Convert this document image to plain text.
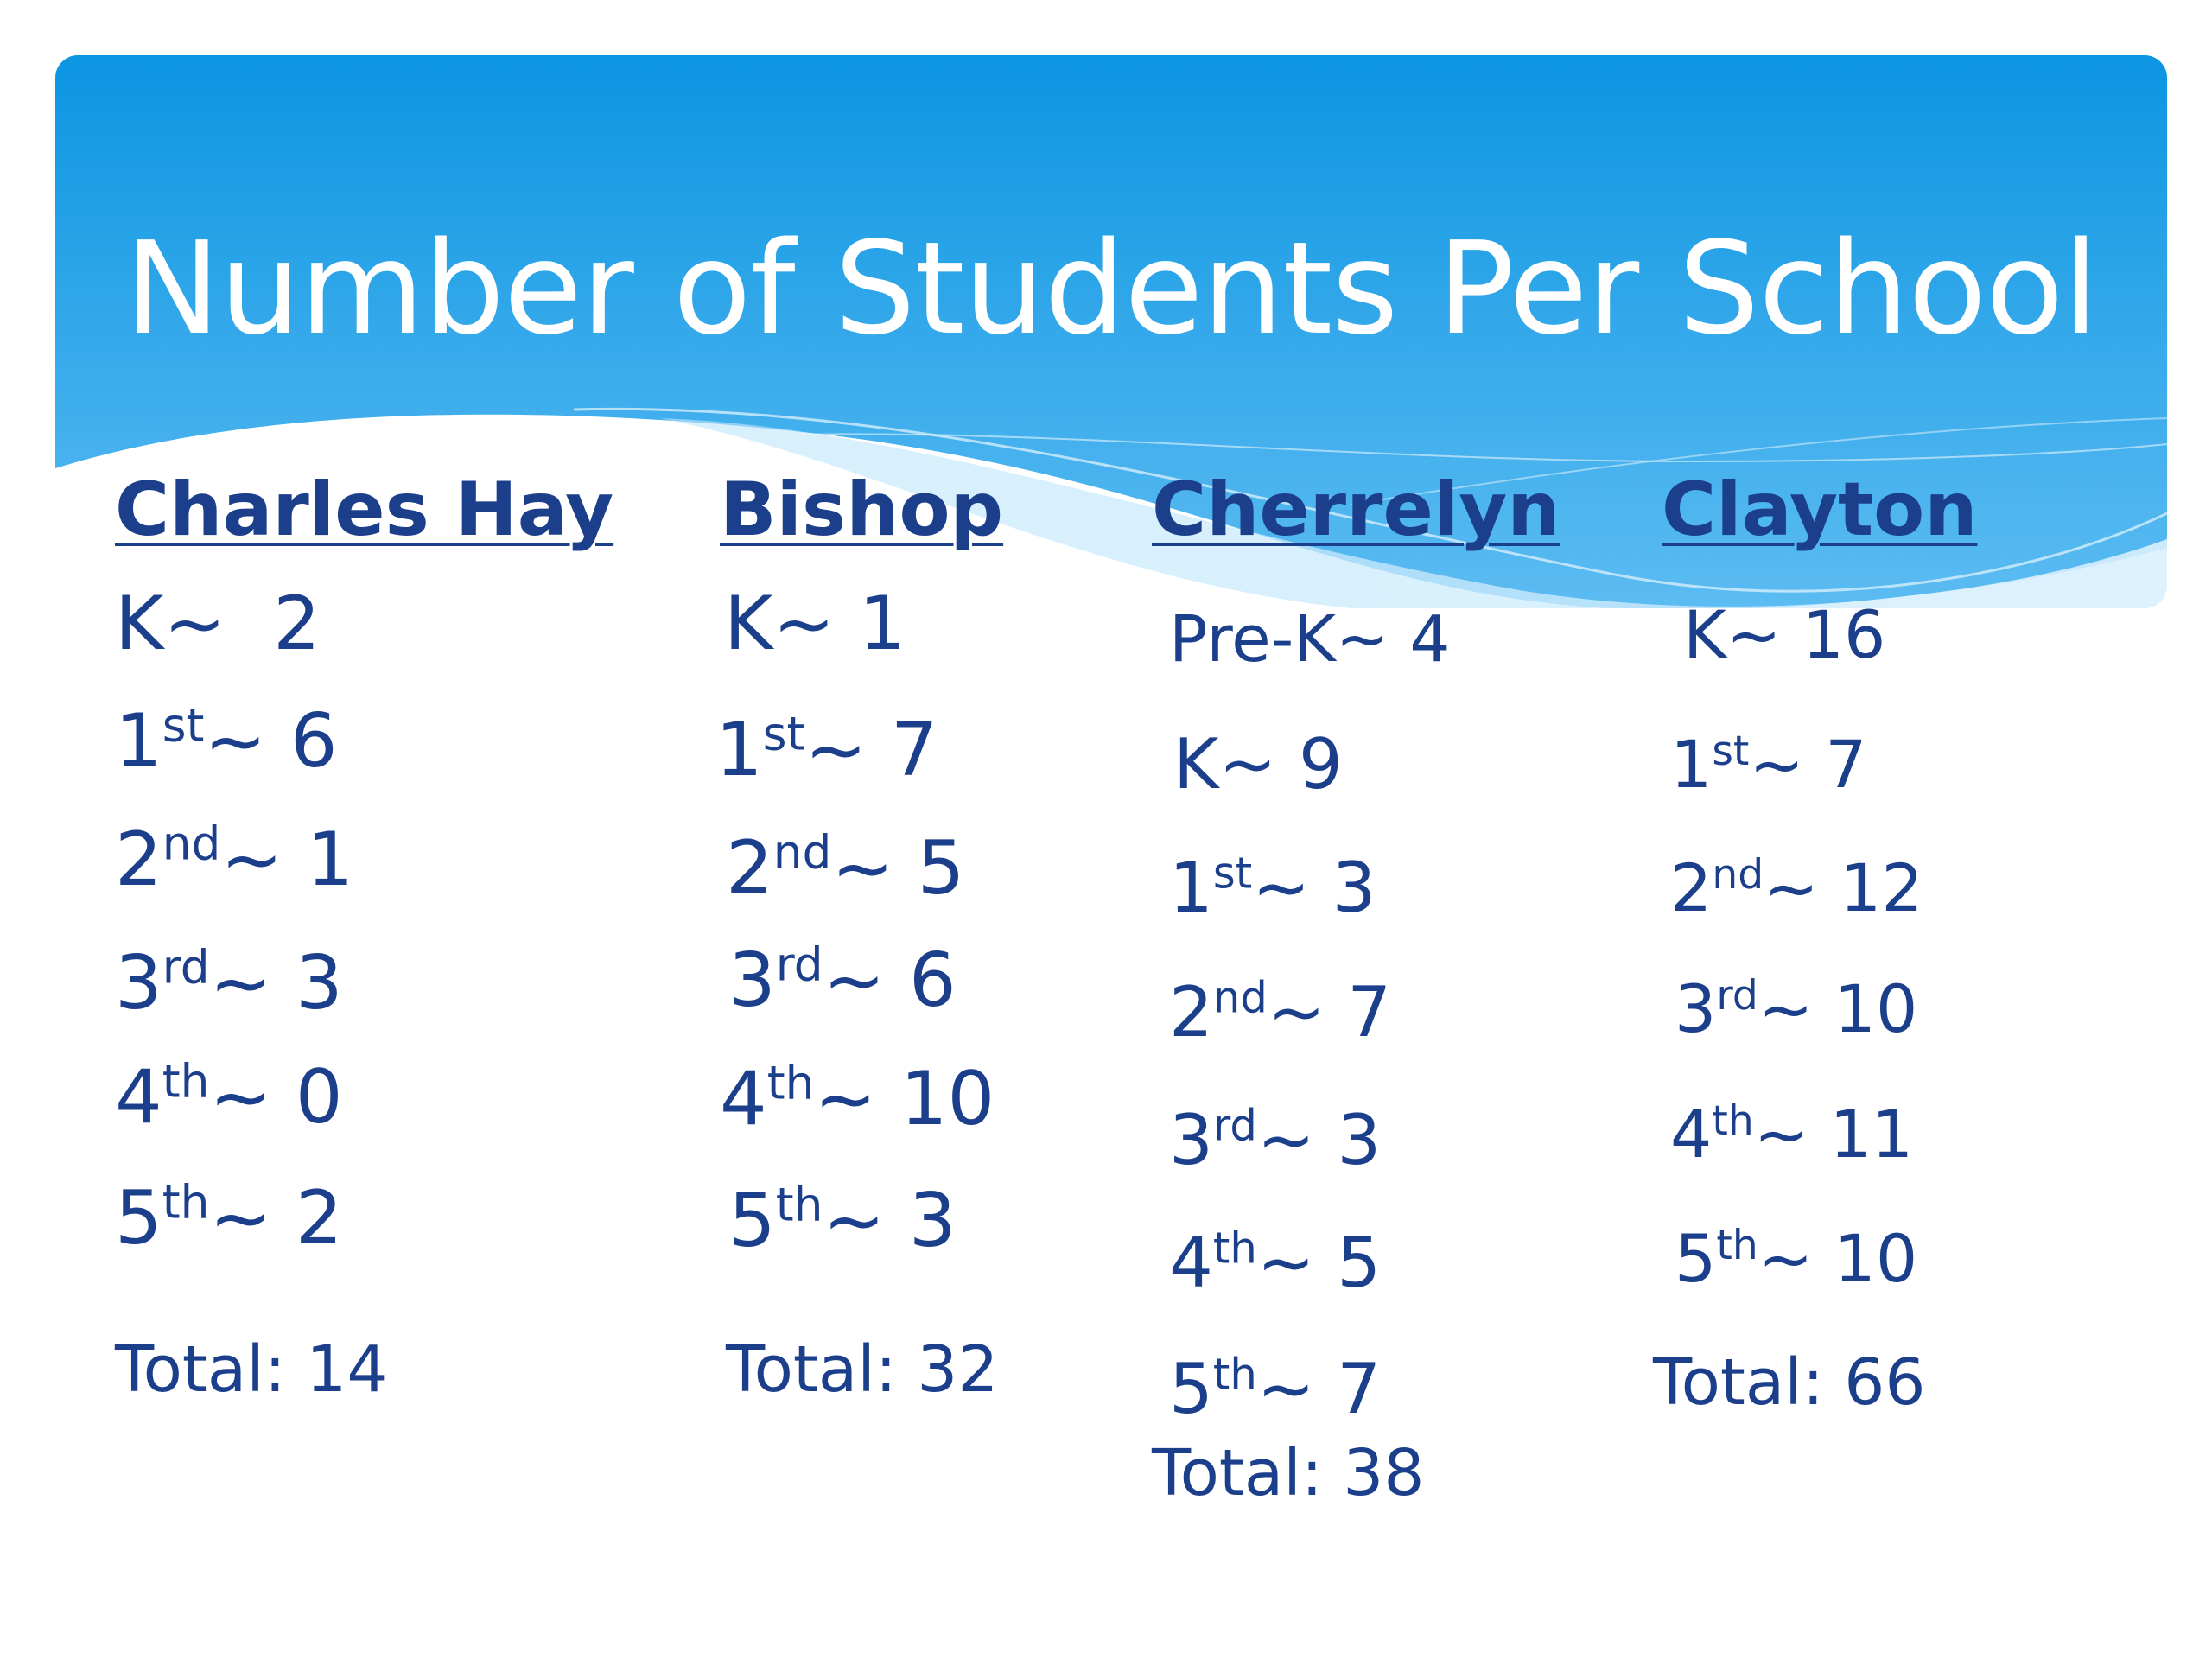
Number of Students Per School
Charles Hay
K~  2
1st~ 6
2nd~ 1
3rd~ 3
4th~ 0
5th~ 2
Total: 14
Bishop
K~ 1
1st~ 7
2nd~ 5
3rd~ 6
4th~ 10
5th~ 3
Total: 32
Cherrelyn
Pre-K~ 4
K~ 9
1st~ 3
2nd~ 7
3rd~ 3
4th~ 5
5th~ 7
Total: 38
Clayton
K~ 16
1st~ 7
2nd~ 12
3rd~ 10
4th~ 11
5th~ 10
Total: 66
